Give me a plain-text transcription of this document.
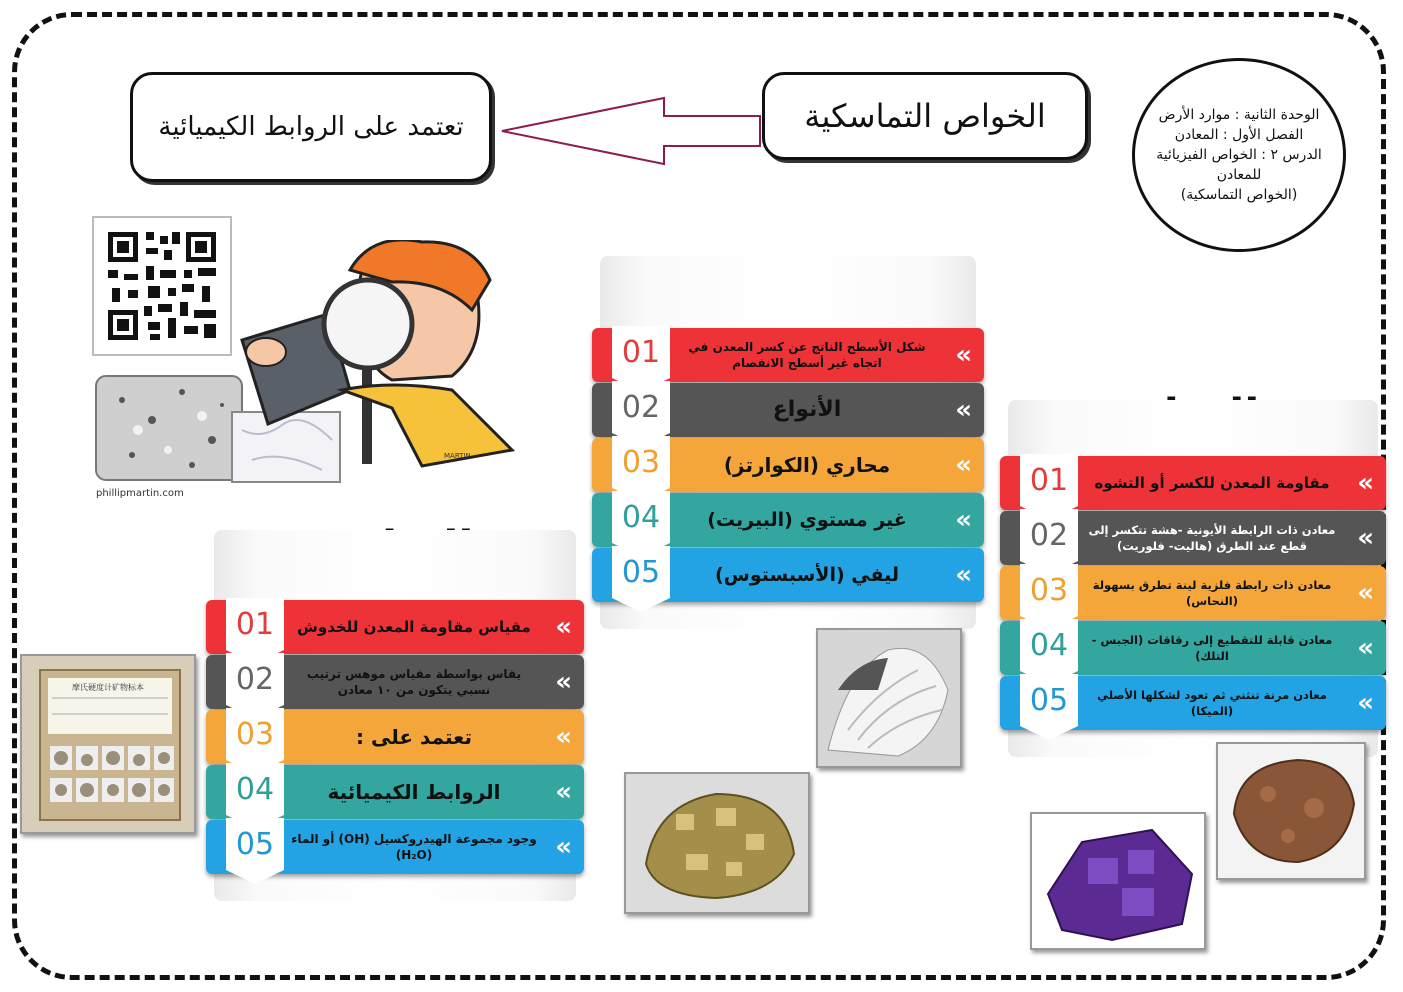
الخواص التماسكية
تعتمد على الروابط الكيميائية	الوحدة الثانية : موارد الأرض
الفصل الأول : المعادن
الدرس ٢ : الخواص الفيزيائية
للمعادن
(الخواص التماسكية)
MARTIN
phillipmartin.com
01	شكل الأسطح الناتج عن كسر المعدن في اتجاه غير أسطح الانفصام	«
02	الأنواع	«
03	محاري (الكوارتز)	«
04	غير مستوي (البيريت)	«
05	ليفي (الأسبستوس)	«
01	مقاومة المعدن للكسر أو التشوه	«
02	معادن ذات الرابطة الأيونية -هشة تتكسر إلى قطع عند الطرق (هاليت- فلوريت)	«
03	معادن ذات رابطة فلزية لينة تطرق بسهولة (النحاس)	«
04	معادن قابلة للتقطيع إلى رقاقات (الجبس - التلك)	«
05	معادن مرنة تنثني ثم تعود لشكلها الأصلي (الميكا)	«
01	مقياس مقاومة المعدن للخدوش «
02	يقاس بواسطة مقياس موهس ترتيب نسبي يتكون من ١٠ معادن	«
03	تعتمد على :	«
04	الروابط الكيميائية	«
05	وجود مجموعة الهيدروكسيل (OH) أو الماء (H₂O)	«
摩氏硬度计矿物标本
